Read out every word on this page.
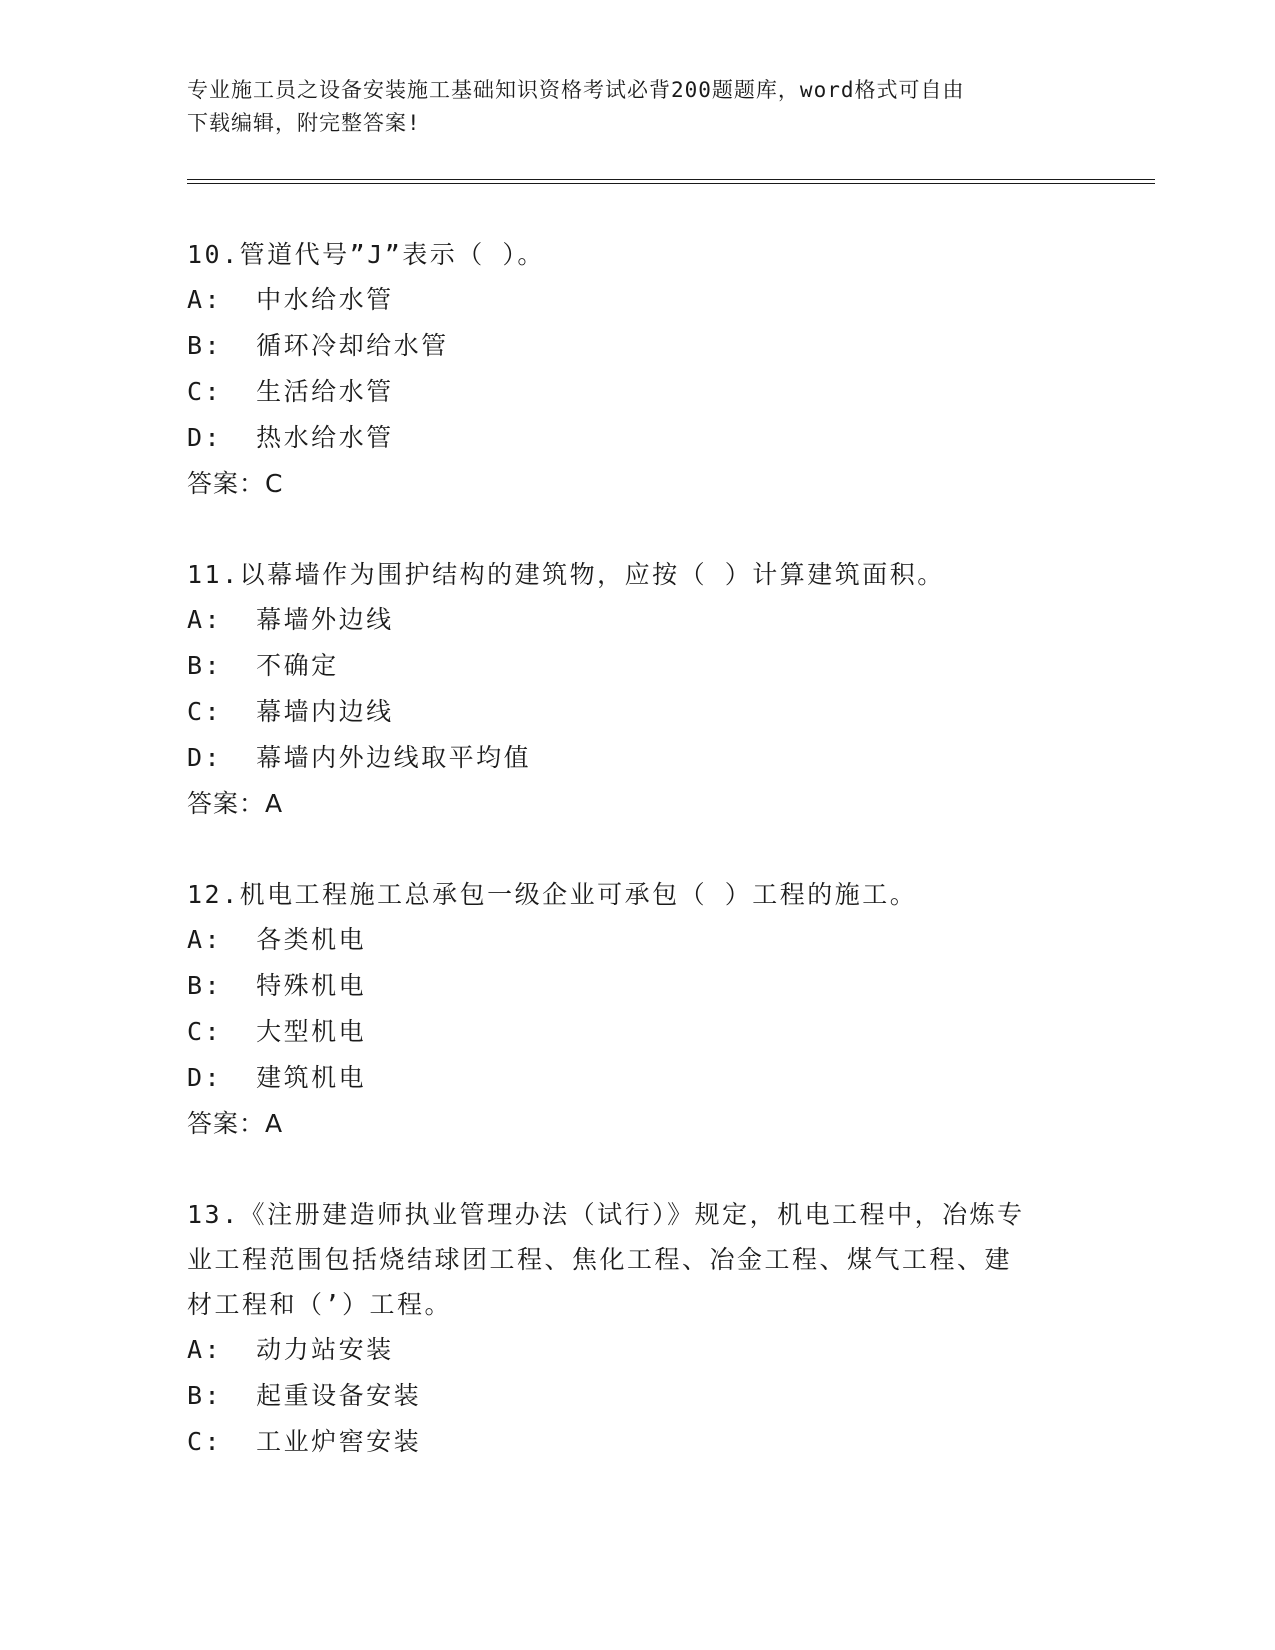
专业施工员之设备安装施工基础知识资格考试必背200题题库，word格式可自由
下载编辑，附完整答案!
10.管道代号”J”表示（ ）。
A: 中水给水管
B: 循环冷却给水管
C: 生活给水管
D: 热水给水管
答案：C
11.以幕墙作为围护结构的建筑物，应按（ ）计算建筑面积。
A: 幕墙外边线
B: 不确定
C: 幕墙内边线
D: 幕墙内外边线取平均值
答案：A
12.机电工程施工总承包一级企业可承包（ ）工程的施工。
A: 各类机电
B: 特殊机电
C: 大型机电
D: 建筑机电
答案：A
13.《注册建造师执业管理办法（试行）》规定，机电工程中，冶炼专
业工程范围包括烧结球团工程、焦化工程、冶金工程、煤气工程、建
材工程和（’）工程。
A: 动力站安装
B: 起重设备安装
C: 工业炉窖安装
